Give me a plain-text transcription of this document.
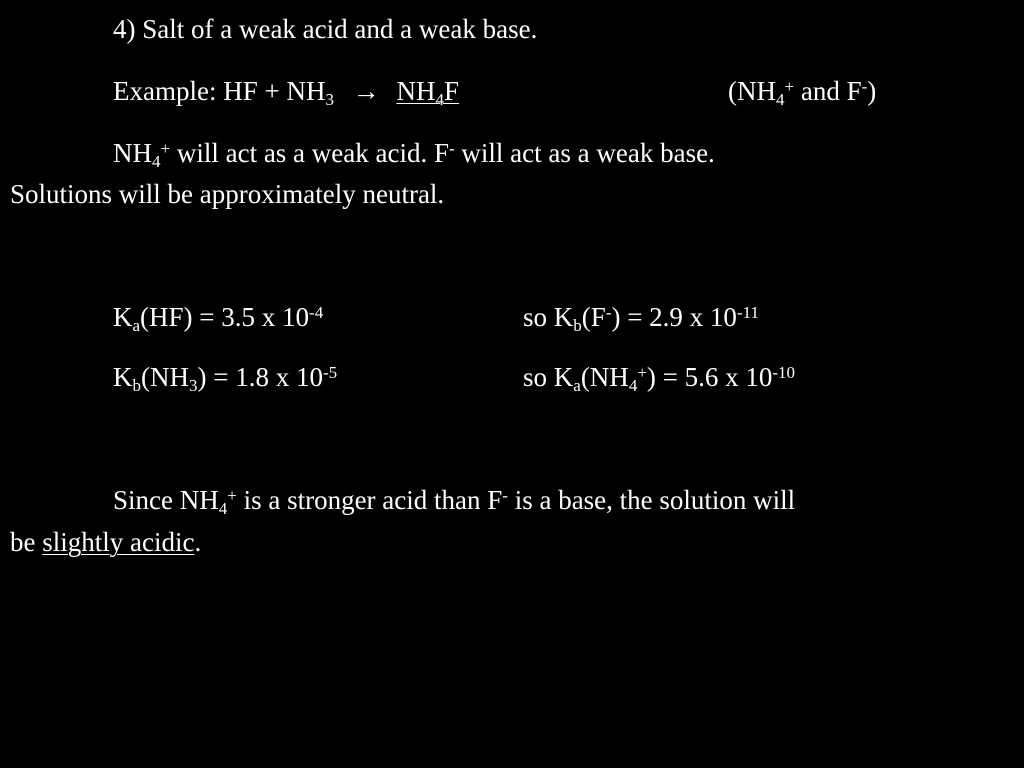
4) Salt of a weak acid and a weak base.
Example: HF + $NH_3 \to NH_4F$	($NH_4^+$ and F-)
$NH_4^+$ will act as a weak acid. F- will act as a weak base.
Solutions will be approximately neutral.
$K_a(HF) = 3.5$ x $10^{-4}$	so $K_b(F^-) = 2.9$ x $10^{-11}$
$K_b(NH_3) = 1.8$ x $10^{-5}$	so $K_a(NH_4^+) = 5.6$ x $10^{-10}$
Since $NH_4^+$ is a stronger acid than F- is a base, the solution will
be slightly acidic.
